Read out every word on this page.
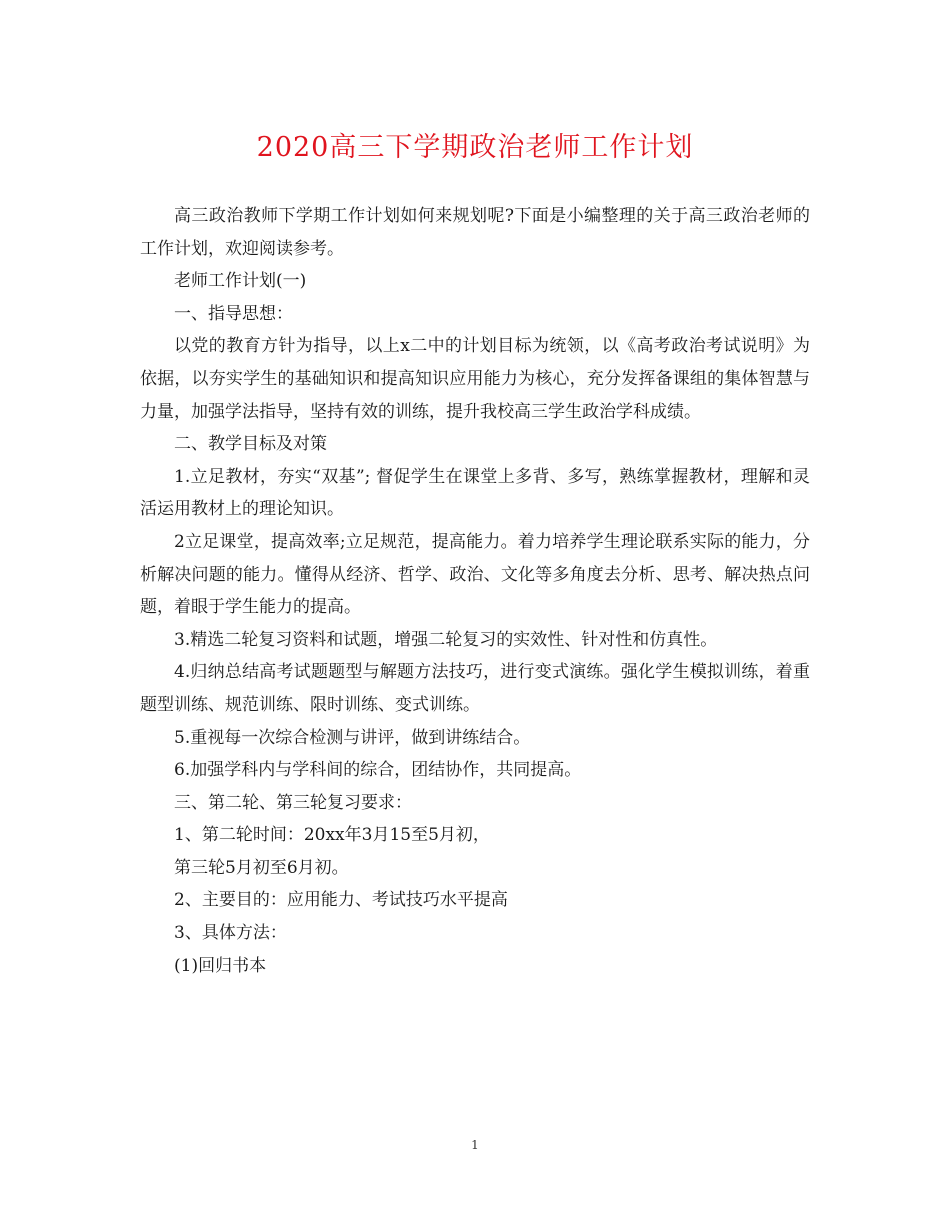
2020高三下学期政治老师工作计划

高三政治教师下学期工作计划如何来规划呢?下面是小编整理的关于高三政治老师的工作计划，欢迎阅读参考。

老师工作计划(一)

一、指导思想：

以党的教育方针为指导，以上x二中的计划目标为统领，以《高考政治考试说明》为依据，以夯实学生的基础知识和提高知识应用能力为核心，充分发挥备课组的集体智慧与力量，加强学法指导，坚持有效的训练，提升我校高三学生政治学科成绩。

二、教学目标及对策

1.立足教材，夯实“双基”; 督促学生在课堂上多背、多写，熟练掌握教材，理解和灵活运用教材上的理论知识。

2立足课堂，提高效率;立足规范，提高能力。着力培养学生理论联系实际的能力，分析解决问题的能力。懂得从经济、哲学、政治、文化等多角度去分析、思考、解决热点问题，着眼于学生能力的提高。

3.精选二轮复习资料和试题，增强二轮复习的实效性、针对性和仿真性。

4.归纳总结高考试题题型与解题方法技巧，进行变式演练。强化学生模拟训练，着重题型训练、规范训练、限时训练、变式训练。

5.重视每一次综合检测与讲评，做到讲练结合。

6.加强学科内与学科间的综合，团结协作，共同提高。

三、第二轮、第三轮复习要求：

1、第二轮时间：20xx年3月15至5月初，

第三轮5月初至6月初。

2、主要目的：应用能力、考试技巧水平提高

3、具体方法：

(1)回归书本

1
